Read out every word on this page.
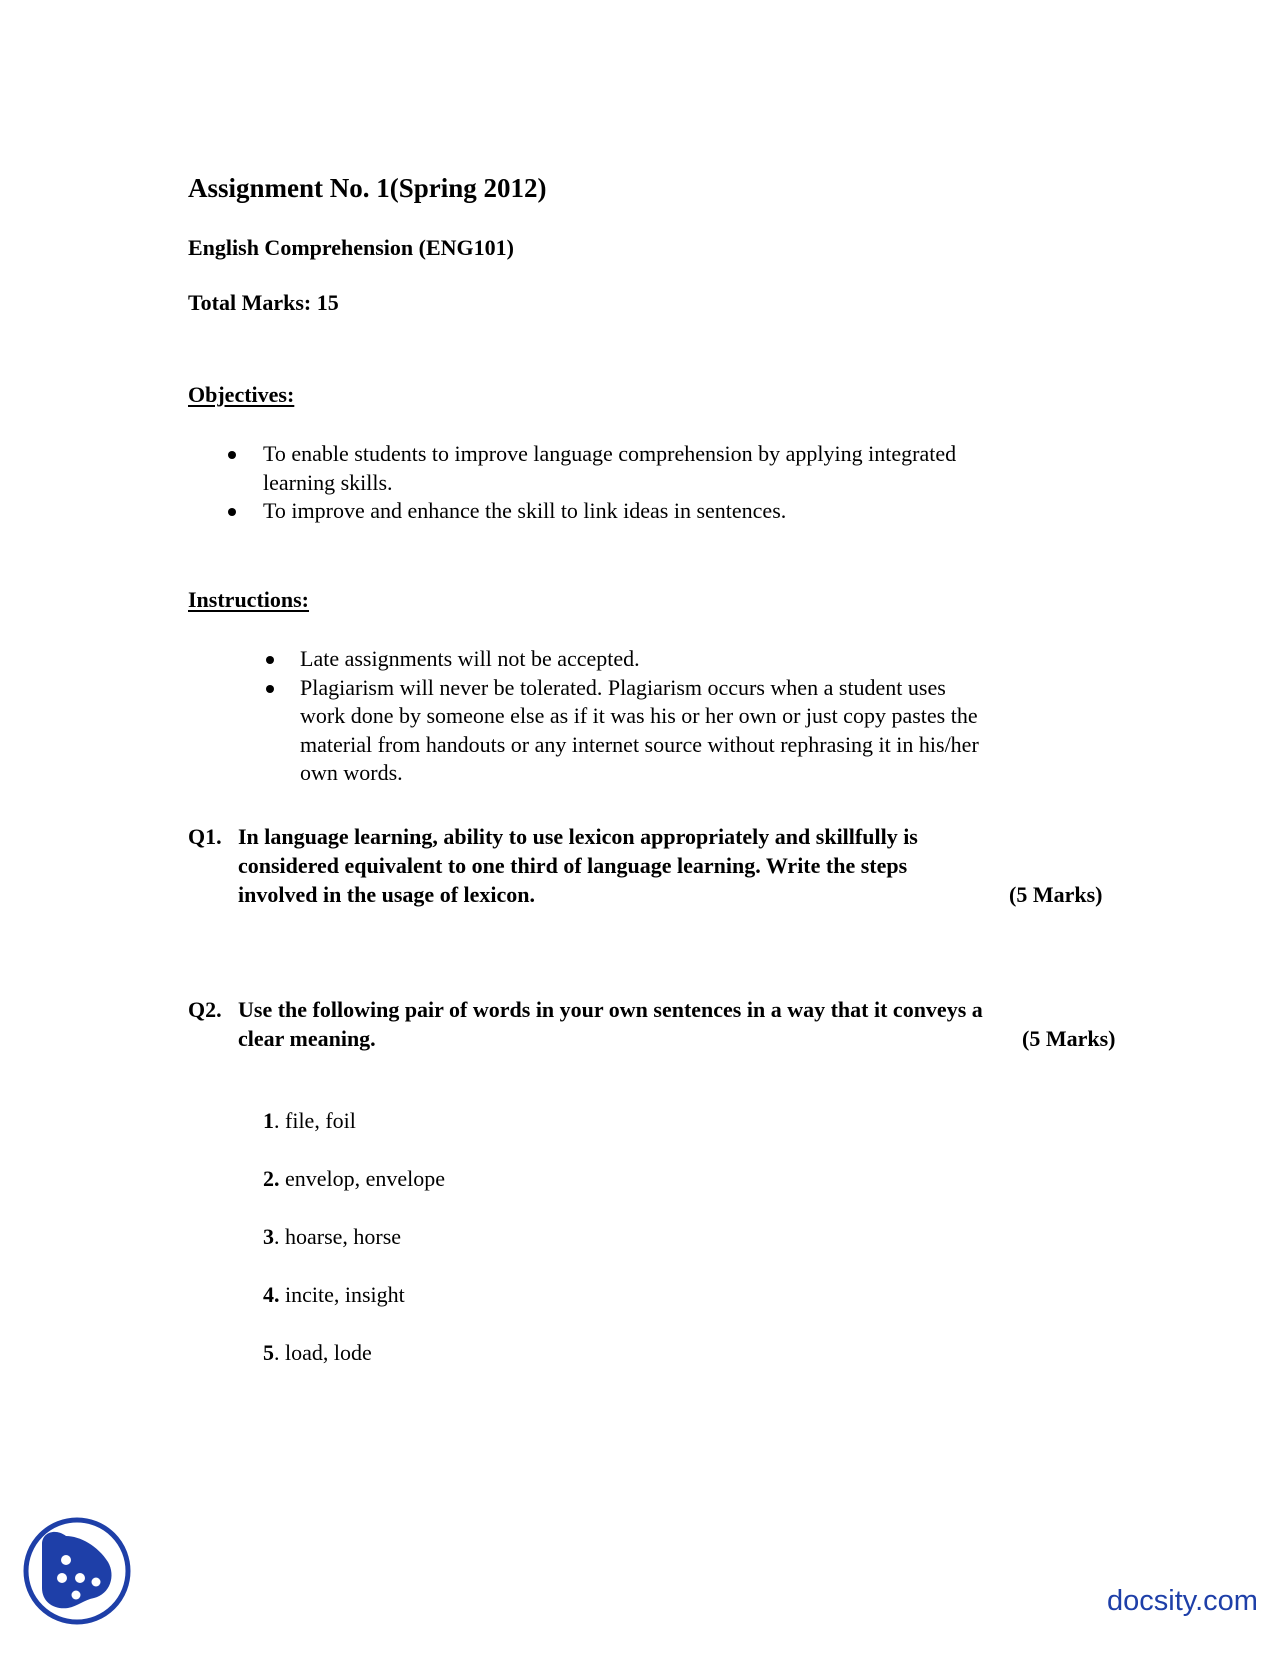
Assignment No. 1(Spring 2012)
English Comprehension (ENG101)
Total Marks: 15
Objectives:
To enable students to improve language comprehension by applying integrated
learning skills.
To improve and enhance the skill to link ideas in sentences.
Instructions:
Late assignments will not be accepted.
Plagiarism will never be tolerated. Plagiarism occurs when a student uses
work done by someone else as if it was his or her own or just copy pastes the
material from handouts or any internet source without rephrasing it in his/her
own words.
Q1. In language learning, ability to use lexicon appropriately and skillfully is
considered equivalent to one third of language learning. Write the steps
involved in the usage of lexicon.	(5 Marks)
Q2. Use the following pair of words in your own sentences in a way that it conveys a
clear meaning.	(5 Marks)
1. file, foil
2. envelop, envelope
3. hoarse, horse
4. incite, insight
5. load, lode
docsity.com
